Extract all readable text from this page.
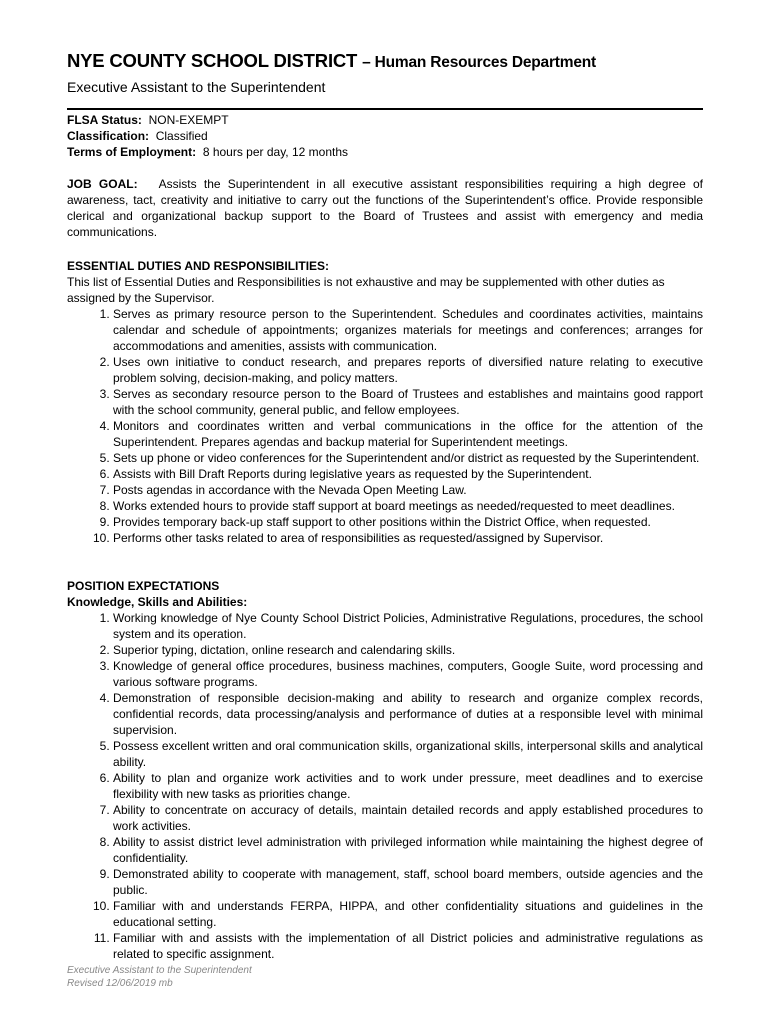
NYE COUNTY SCHOOL DISTRICT – Human Resources Department
Executive Assistant to the Superintendent
FLSA Status: NON-EXEMPT
Classification: Classified
Terms of Employment: 8 hours per day, 12 months
JOB GOAL: Assists the Superintendent in all executive assistant responsibilities requiring a high degree of awareness, tact, creativity and initiative to carry out the functions of the Superintendent’s office. Provide responsible clerical and organizational backup support to the Board of Trustees and assist with emergency and media communications.
ESSENTIAL DUTIES AND RESPONSIBILITIES:
This list of Essential Duties and Responsibilities is not exhaustive and may be supplemented with other duties as assigned by the Supervisor.
1. Serves as primary resource person to the Superintendent. Schedules and coordinates activities, maintains calendar and schedule of appointments; organizes materials for meetings and conferences; arranges for accommodations and amenities, assists with communication.
2. Uses own initiative to conduct research, and prepares reports of diversified nature relating to executive problem solving, decision-making, and policy matters.
3. Serves as secondary resource person to the Board of Trustees and establishes and maintains good rapport with the school community, general public, and fellow employees.
4. Monitors and coordinates written and verbal communications in the office for the attention of the Superintendent. Prepares agendas and backup material for Superintendent meetings.
5. Sets up phone or video conferences for the Superintendent and/or district as requested by the Superintendent.
6. Assists with Bill Draft Reports during legislative years as requested by the Superintendent.
7. Posts agendas in accordance with the Nevada Open Meeting Law.
8. Works extended hours to provide staff support at board meetings as needed/requested to meet deadlines.
9. Provides temporary back-up staff support to other positions within the District Office, when requested.
10. Performs other tasks related to area of responsibilities as requested/assigned by Supervisor.
POSITION EXPECTATIONS
Knowledge, Skills and Abilities:
1. Working knowledge of Nye County School District Policies, Administrative Regulations, procedures, the school system and its operation.
2. Superior typing, dictation, online research and calendaring skills.
3. Knowledge of general office procedures, business machines, computers, Google Suite, word processing and various software programs.
4. Demonstration of responsible decision-making and ability to research and organize complex records, confidential records, data processing/analysis and performance of duties at a responsible level with minimal supervision.
5. Possess excellent written and oral communication skills, organizational skills, interpersonal skills and analytical ability.
6. Ability to plan and organize work activities and to work under pressure, meet deadlines and to exercise flexibility with new tasks as priorities change.
7. Ability to concentrate on accuracy of details, maintain detailed records and apply established procedures to work activities.
8. Ability to assist district level administration with privileged information while maintaining the highest degree of confidentiality.
9. Demonstrated ability to cooperate with management, staff, school board members, outside agencies and the public.
10. Familiar with and understands FERPA, HIPPA, and other confidentiality situations and guidelines in the educational setting.
11. Familiar with and assists with the implementation of all District policies and administrative regulations as related to specific assignment.
Executive Assistant to the Superintendent
Revised 12/06/2019 mb
